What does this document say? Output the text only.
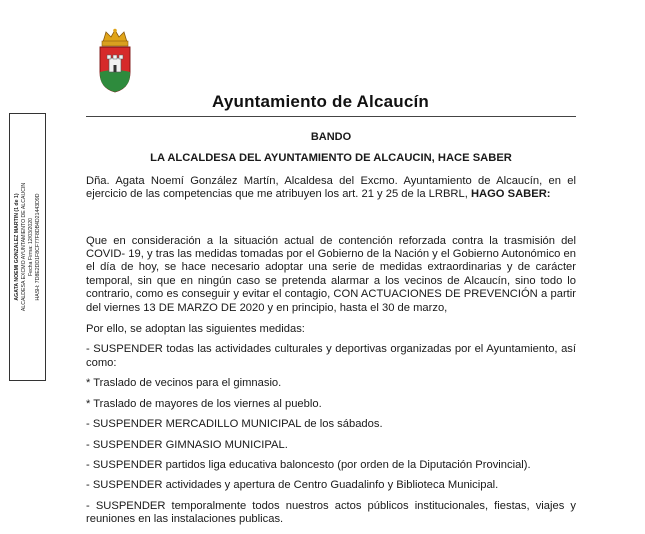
Ayuntamiento de Alcaucín
AGATA NOEMI GONZALEZ MARTIN (1 de 1) ALCALDESA EXCMO AYUNTAMIENTO DE ALCAUCIN Fecha Firma: 12/03/2020 HASH: 7D8E2DD1F8CF77F8DB4D21443D9D
BANDO
LA ALCALDESA DEL AYUNTAMIENTO DE ALCAUCIN, HACE SABER

Dña. Agata Noemí González Martín, Alcaldesa del Excmo. Ayuntamiento de Alcaucín, en el ejercicio de las competencias que me atribuyen los art. 21 y 25 de la LRBRL, HAGO SABER:

Que en consideración a la situación actual de contención reforzada contra la trasmisión del COVID- 19, y tras las medidas tomadas por el Gobierno de la Nación y el Gobierno Autonómico en el día de hoy, se hace necesario adoptar una serie de medidas extraordinarias y de carácter temporal, sin que en ningún caso se pretenda alarmar a los vecinos de Alcaucín, sino todo lo contrario, como es conseguir y evitar el contagio, CON ACTUACIONES DE PREVENCIÓN a partir del viernes 13 DE MARZO DE 2020 y en principio, hasta el 30 de marzo,

Por ello, se adoptan las siguientes medidas:
- SUSPENDER todas las actividades culturales y deportivas organizadas por el Ayuntamiento, así como:
* Traslado de vecinos para el gimnasio.
* Traslado de mayores de los viernes al pueblo.
- SUSPENDER MERCADILLO MUNICIPAL de los sábados.
- SUSPENDER GIMNASIO MUNICIPAL.
- SUSPENDER partidos liga educativa baloncesto (por orden de la Diputación Provincial).
- SUSPENDER actividades y apertura de Centro Guadalinfo y Biblioteca Municipal.
- SUSPENDER temporalmente todos nuestros actos públicos institucionales, fiestas, viajes y reuniones en las instalaciones publicas.
